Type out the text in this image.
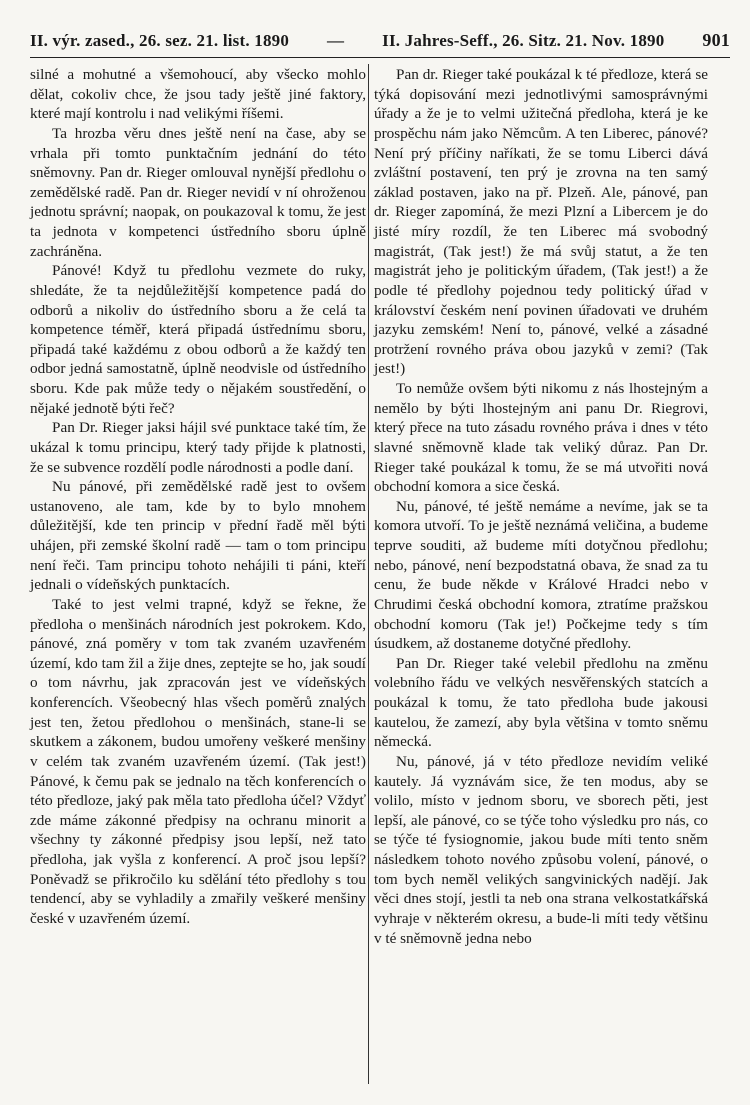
II. výr. zased., 26. sez. 21. list. 1890 — II. Jahres-Seff., 26. Sitz. 21. Nov. 1890 901

silné a mohutné a všemohoucí, aby všecko mohlo dělat, cokoliv chce, že jsou tady ještě jiné faktory, které mají kontrolu i nad velikými říšemi.

Ta hrozba věru dnes ještě není na čase, aby se vrhala při tomto punktačním jednání do této sněmovny. Pan dr. Rieger omlouval nynější předlohu o zemědělské radě. Pan dr. Rieger nevidí v ní ohroženou jednotu správní; naopak, on poukazoval k tomu, že jest ta jednota v kompetenci ústředního sboru úplně zachráněna.

Pánové! Když tu předlohu vezmete do ruky, shledáte, že ta nejdůležitější kompetence padá do odborů a nikoliv do ústředního sboru a že celá ta kompetence téměř, která připadá ústřednímu sboru, připadá také každému z obou odborů a že každý ten odbor jedná samostatně, úplně neodvisle od ústředního sboru. Kde pak může tedy o nějakém soustředění, o nějaké jednotě býti řeč?

Pan Dr. Rieger jaksi hájil své punktace také tím, že ukázal k tomu principu, který tady přijde k platnosti, že se subvence rozdělí podle národnosti a podle daní.

Nu pánové, při zemědělské radě jest to ovšem ustanoveno, ale tam, kde by to bylo mnohem důležitější, kde ten princip v přední řadě měl býti uhájen, při zemské školní radě — tam o tom principu není řeči. Tam principu tohoto nehájili ti páni, kteří jednali o vídeňských punktacích.

Také to jest velmi trapné, když se řekne, že předloha o menšinách národních jest pokrokem. Kdo, pánové, zná poměry v tom tak zvaném uzavřeném území, kdo tam žil a žije dnes, zeptejte se ho, jak soudí o tom návrhu, jak zpracován jest ve vídeňských konferencích. Všeobecný hlas všech poměrů znalých jest ten, žetou předlohou o menšinách, stane-li se skutkem a zákonem, budou umořeny veškeré menšiny v celém tak zvaném uzavřeném území. (Tak jest!) Pánové, k čemu pak se jednalo na těch konferencích o této předloze, jaký pak měla tato předloha účel? Vždyť zde máme zákonné předpisy na ochranu minorit a všechny ty zákonné předpisy jsou lepší, než tato předloha, jak vyšla z konferencí. A proč jsou lepší? Poněvadž se přikročilo ku sdělání této předlohy s tou tendencí, aby se vyhladily a zmařily veškeré menšiny české v uzavřeném území.

Pan dr. Rieger také poukázal k té předloze, která se týká dopisování mezi jednotlivými samosprávnými úřady a že je to velmi užitečná předloha, která je ke prospěchu nám jako Němcům. A ten Liberec, pánové? Není prý příčiny naříkati, že se tomu Liberci dává zvláštní postavení, ten prý je zrovna na ten samý základ postaven, jako na př. Plzeň. Ale, pánové, pan dr. Rieger zapomíná, že mezi Plzní a Libercem je do jisté míry rozdíl, že ten Liberec má svobodný magistrát, (Tak jest!) že má svůj statut, a že ten magistrát jeho je politickým úřadem, (Tak jest!) a že podle té předlohy pojednou tedy politický úřad v království českém není povinen úřadovati ve druhém jazyku zemském! Není to, pánové, velké a zásadné protržení rovného práva obou jazyků v zemi? (Tak jest!)

To nemůže ovšem býti nikomu z nás lhostejným a nemělo by býti lhostejným ani panu Dr. Riegrovi, který přece na tuto zásadu rovného práva i dnes v této slavné sněmovně klade tak veliký důraz. Pan Dr. Rieger také poukázal k tomu, že se má utvořiti nová obchodní komora a sice česká.

Nu, pánové, té ještě nemáme a nevíme, jak se ta komora utvoří. To je ještě neznámá veličina, a budeme teprve souditi, až budeme míti dotyčnou předlohu; nebo, pánové, není bezpodstatná obava, že snad za tu cenu, že bude někde v Králové Hradci nebo v Chrudimi česká obchodní komora, ztratíme pražskou obchodní komoru (Tak je!) Počkejme tedy s tím úsudkem, až dostaneme dotyčné předlohy.

Pan Dr. Rieger také velebil předlohu na změnu volebního řádu ve velkých nesvěřenských statcích a poukázal k tomu, že tato předloha bude jakousi kautelou, že zamezí, aby byla většina v tomto sněmu německá.

Nu, pánové, já v této předloze nevidím veliké kautely. Já vyznávám sice, že ten modus, aby se volilo, místo v jednom sboru, ve sborech pěti, jest lepší, ale pánové, co se týče toho výsledku pro nás, co se týče té fysiognomie, jakou bude míti tento sněm následkem tohoto nového způsobu volení, pánové, o tom bych neměl velikých sangvinických nadějí. Jak věci dnes stojí, jestli ta neb ona strana velkostatkářská vyhraje v některém okresu, a bude-li míti tedy většinu v té sněmovně jedna nebo
